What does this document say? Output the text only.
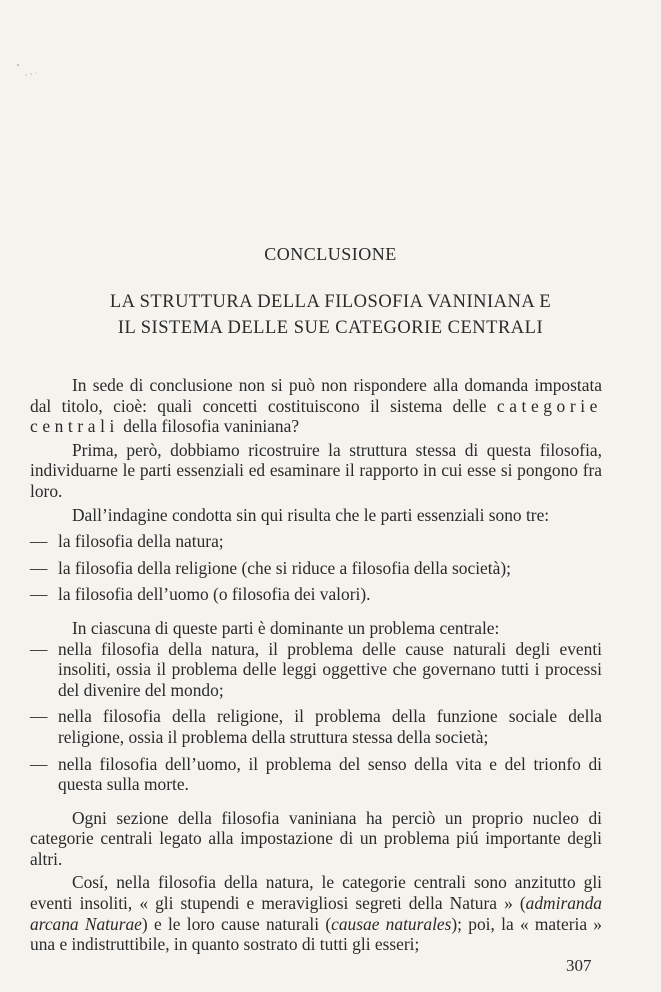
CONCLUSIONE
LA STRUTTURA DELLA FILOSOFIA VANINIANA E
IL SISTEMA DELLE SUE CATEGORIE CENTRALI

In sede di conclusione non si può non rispondere alla domanda impostata dal titolo, cioè: quali concetti costituiscono il sistema delle categorie centrali della filosofia vaniniana?

Prima, però, dobbiamo ricostruire la struttura stessa di questa filosofia, individuarne le parti essenziali ed esaminare il rapporto in cui esse si pongono fra loro.

Dall’indagine condotta sin qui risulta che le parti essenziali sono tre:

— la filosofia della natura;
— la filosofia della religione (che si riduce a filosofia della società);
— la filosofia dell’uomo (o filosofia dei valori).

In ciascuna di queste parti è dominante un problema centrale:

— nella filosofia della natura, il problema delle cause naturali degli eventi insoliti, ossia il problema delle leggi oggettive che governano tutti i processi del divenire del mondo;
— nella filosofia della religione, il problema della funzione sociale della religione, ossia il problema della struttura stessa della società;
— nella filosofia dell’uomo, il problema del senso della vita e del trionfo di questa sulla morte.

Ogni sezione della filosofia vaniniana ha perciò un proprio nucleo di categorie centrali legato alla impostazione di un problema piú importante degli altri.

Cosí, nella filosofia della natura, le categorie centrali sono anzitutto gli eventi insoliti, « gli stupendi e meravigliosi segreti della Natura » (admiranda arcana Naturae) e le loro cause naturali (causae naturales); poi, la « materia » una e indistruttibile, in quanto sostrato di tutti gli esseri;

307
